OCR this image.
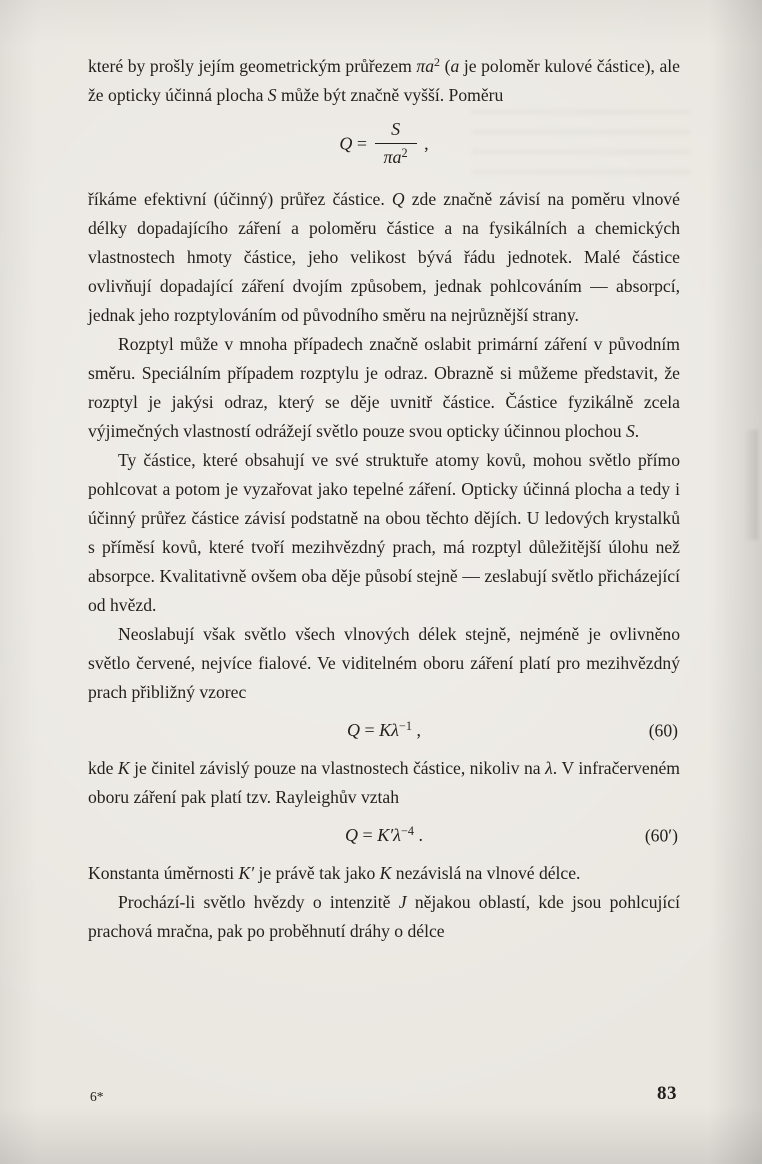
které by prošly jejím geometrickým průřezem $\pi a^2$ (a je poloměr kulové částice), ale že opticky účinná plocha S může být značně vyšší. Poměru

$Q = \frac{S}{\pi a^2}$ ,

říkáme efektivní (účinný) průřez částice. Q zde značně závisí na poměru vlnové délky dopadajícího záření a poloměru částice a na fysikálních a chemických vlastnostech hmoty částice, jeho velikost bývá řádu jednotek. Malé částice ovlivňují dopadající záření dvojím způsobem, jednak pohlcováním — absorpcí, jednak jeho rozptylováním od původního směru na nejrůznější strany.

Rozptyl může v mnoha případech značně oslabit primární záření v původním směru. Speciálním případem rozptylu je odraz. Obrazně si můžeme představit, že rozptyl je jakýsi odraz, který se děje uvnitř částice. Částice fyzikálně zcela výjimečných vlastností odrážejí světlo pouze svou opticky účinnou plochou S.

Ty částice, které obsahují ve své struktuře atomy kovů, mohou světlo přímo pohlcovat a potom je vyzařovat jako tepelné záření. Opticky účinná plocha a tedy i účinný průřez částice závisí podstatně na obou těchto dějích. U ledových krystalků s příměsí kovů, které tvoří mezihvězdný prach, má rozptyl důležitější úlohu než absorpce. Kvalitativně ovšem oba děje působí stejně — zeslabují světlo přicházející od hvězd.

Neoslabují však světlo všech vlnových délek stejně, nejméně je ovlivněno světlo červené, nejvíce fialové. Ve viditelném oboru záření platí pro mezihvězdný prach přibližný vzorec

$Q = K\lambda^{-1}$ ,	(60)

kde K je činitel závislý pouze na vlastnostech částice, nikoliv na λ. V infračerveném oboru záření pak platí tzv. Rayleighův vztah

$Q = K'\lambda^{-4}$ .	(60′)

Konstanta úměrnosti K′ je právě tak jako K nezávislá na vlnové délce.

Prochází-li světlo hvězdy o intenzitě J nějakou oblastí, kde jsou pohlcující prachová mračna, pak po proběhnutí dráhy o délce

6*	83
